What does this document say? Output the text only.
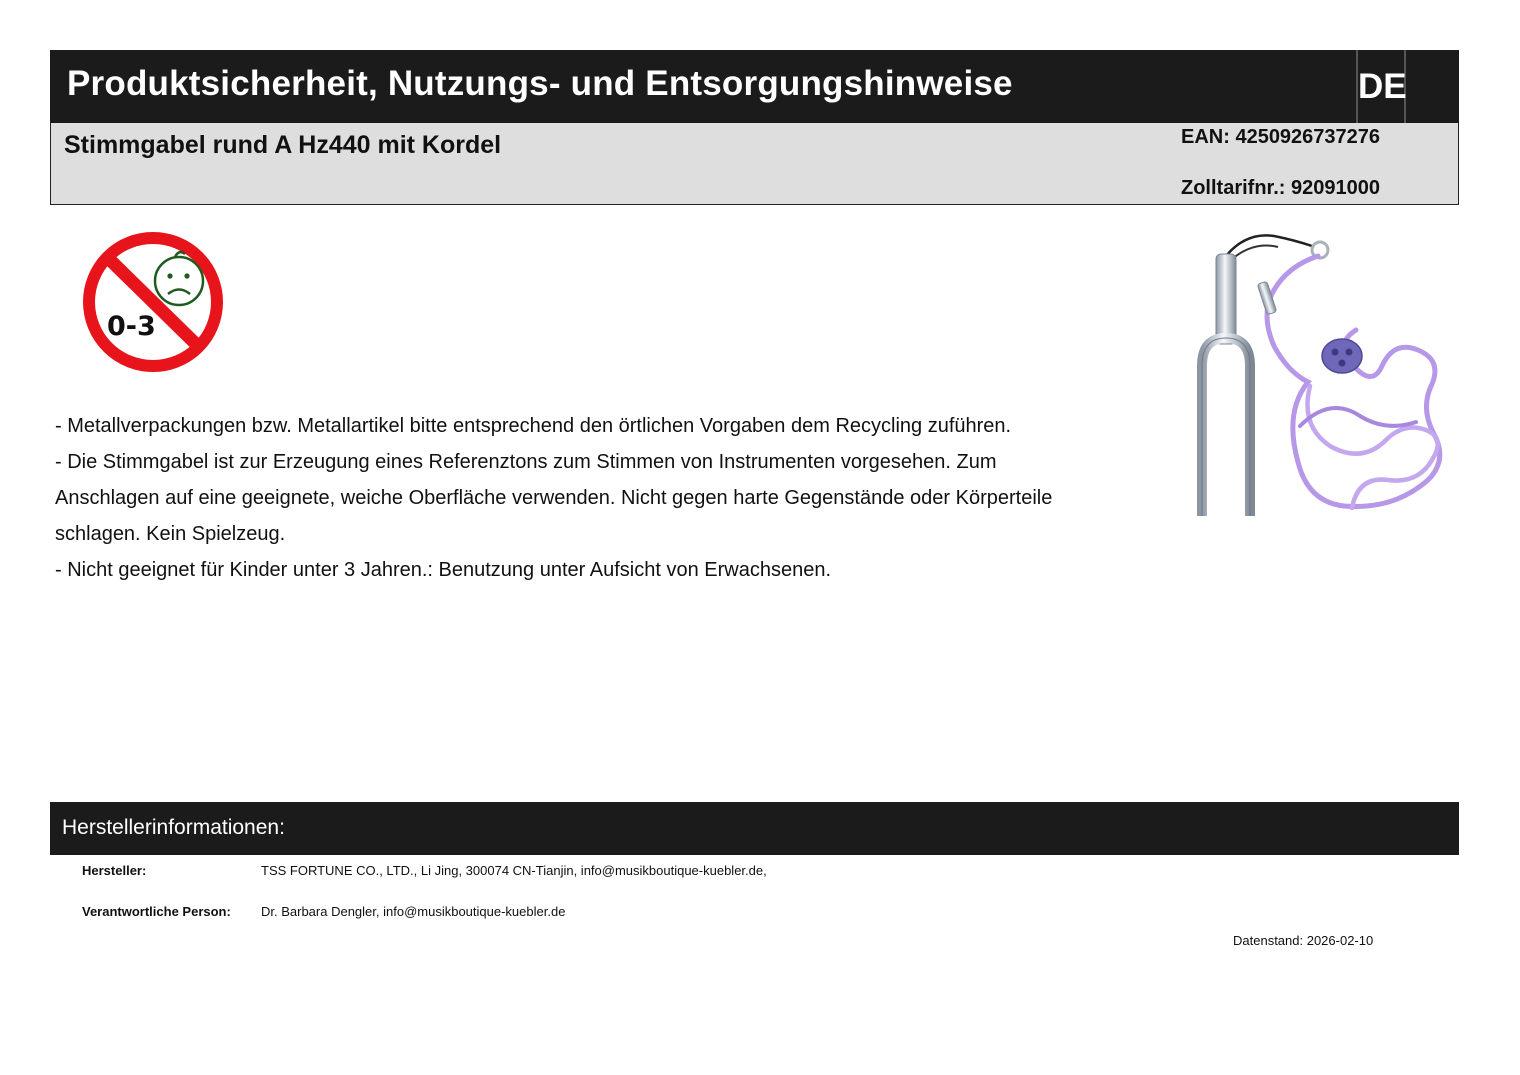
Produktsicherheit, Nutzungs- und Entsorgungshinweise	DE
Stimmgabel rund A Hz440 mit Kordel	EAN: 4250926737276
Zolltarifnr.: 92091000
0-3

- Metallverpackungen bzw. Metallartikel bitte entsprechend den örtlichen Vorgaben dem Recycling zuführen.

- Die Stimmgabel ist zur Erzeugung eines Referenztons zum Stimmen von Instrumenten vorgesehen. Zum Anschlagen auf eine geeignete, weiche Oberfläche verwenden. Nicht gegen harte Gegenstände oder Körperteile schlagen. Kein Spielzeug.

- Nicht geeignet für Kinder unter 3 Jahren.: Benutzung unter Aufsicht von Erwachsenen.

Herstellerinformationen:
Hersteller:	TSS FORTUNE CO., LTD., Li Jing, 300074 CN-Tianjin, info@musikboutique-kuebler.de,
Verantwortliche Person: Dr. Barbara Dengler, info@musikboutique-kuebler.de
Datenstand: 2026-02-10
